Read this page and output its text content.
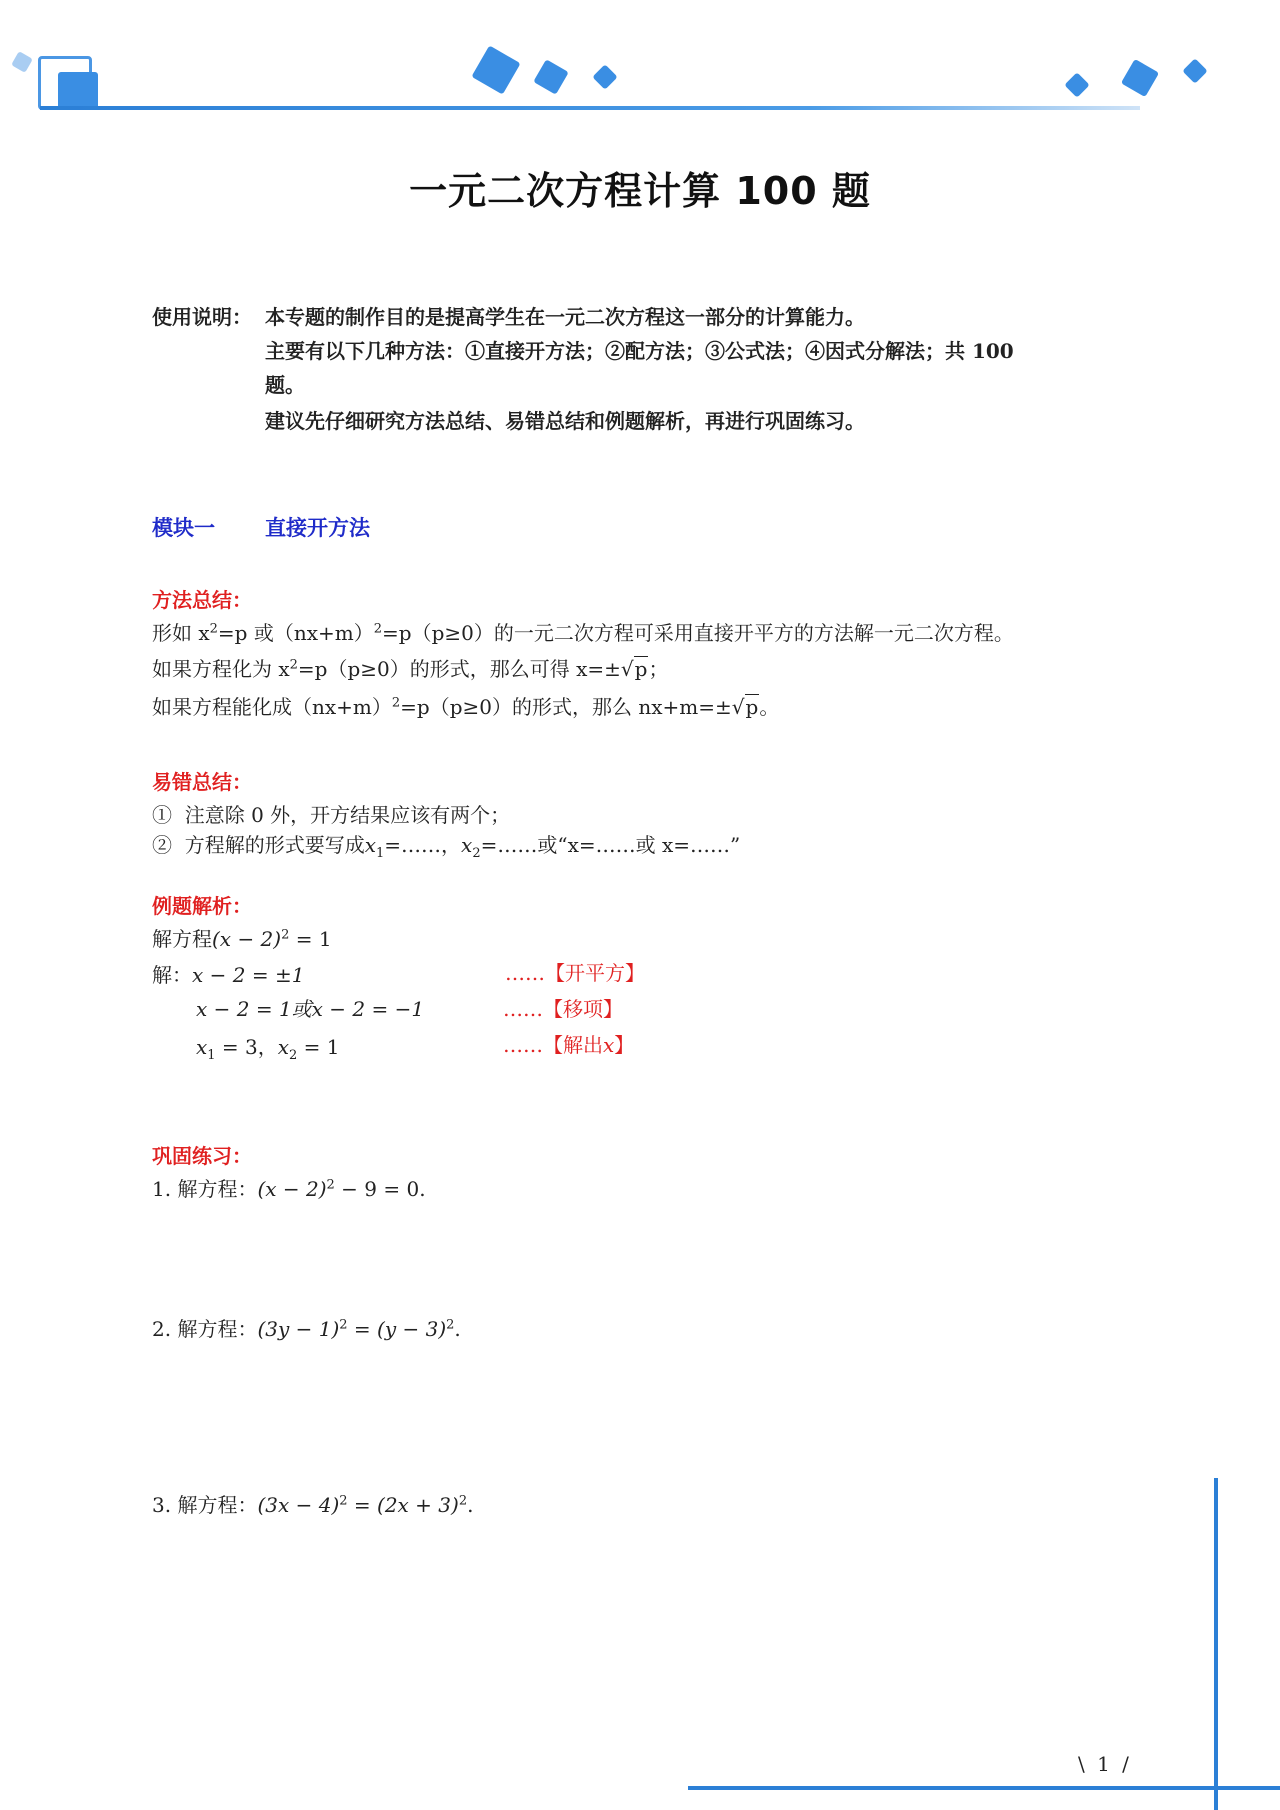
一元二次方程计算 100 题
使用说明： 本专题的制作目的是提高学生在一元二次方程这一部分的计算能力。
主要有以下几种方法：①直接开方法；②配方法；③公式法；④因式分解法；共 100
题。
建议先仔细研究方法总结、易错总结和例题解析，再进行巩固练习。
模块一 直接开方法
方法总结：
形如 $x^2=p$ 或$(nx+m)^2=p(p\ge 0)$的一元二次方程可采用直接开平方的方法解一元二次方程。
如果方程化为 $x^2=p(p\ge 0)$的形式，那么可得 x=±√p；
如果方程能化成$(nx+m)^2=p(p\ge 0)$的形式，那么 nx+m=±√p。
易错总结：
① 注意除 0 外，开方结果应该有两个；
② 方程解的形式要写成$x_1=\dots\dots$，$x_2=\dots\dots$或“x=……或 x=……”
例题解析：
解方程$(x - 2)^2 = 1$
解：x − 2 = ±1	……【开平方】
x − 2 = 1或x − 2 = −1	……【移项】
$x_1 = 3$，$x_2 = 1$	……【解出x】
巩固练习：
1. 解方程：$(x - 2)^2 - 9 = 0$.
2. 解方程：$(3y - 1)^2 = (y - 3)^2$.
3. 解方程：$(3x - 4)^2 = (2x + 3)^2$.
\ 1 /
